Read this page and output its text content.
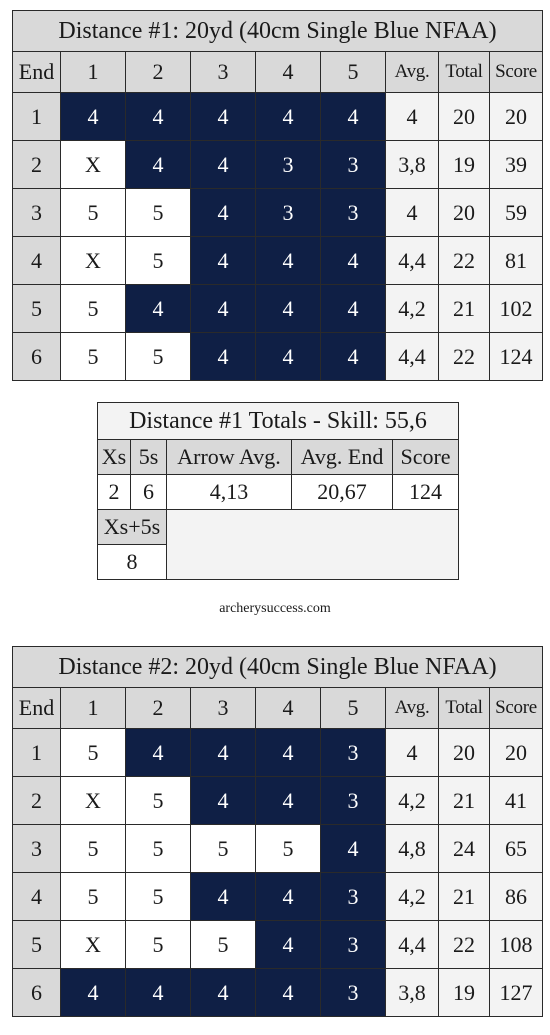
Distance #1: 20yd (40cm Single Blue NFAA)								
End	1	2	3	4	5	Avg.	Total	Score
1	4	4	4	4	4	4	20	20
2	X	4	4	3	3	3,8	19	39
3	5	5	4	3	3	4	20	59
4	X	5	4	4	4	4,4	22	81
5	5	4	4	4	4	4,2	21	102
6	5	5	4	4	4	4,4	22	124
Distance #1 Totals - Skill: 55,6				
Xs	5s	Arrow Avg.	Avg. End	Score
2	6	4,13	20,67	124
Xs+5s				
8				
archerysuccess.com
Distance #2: 20yd (40cm Single Blue NFAA)								
End	1	2	3	4	5	Avg.	Total	Score
1	5	4	4	4	3	4	20	20
2	X	5	4	4	3	4,2	21	41
3	5	5	5	5	4	4,8	24	65
4	5	5	4	4	3	4,2	21	86
5	X	5	5	4	3	4,4	22	108
6	4	4	4	4	3	3,8	19	127
